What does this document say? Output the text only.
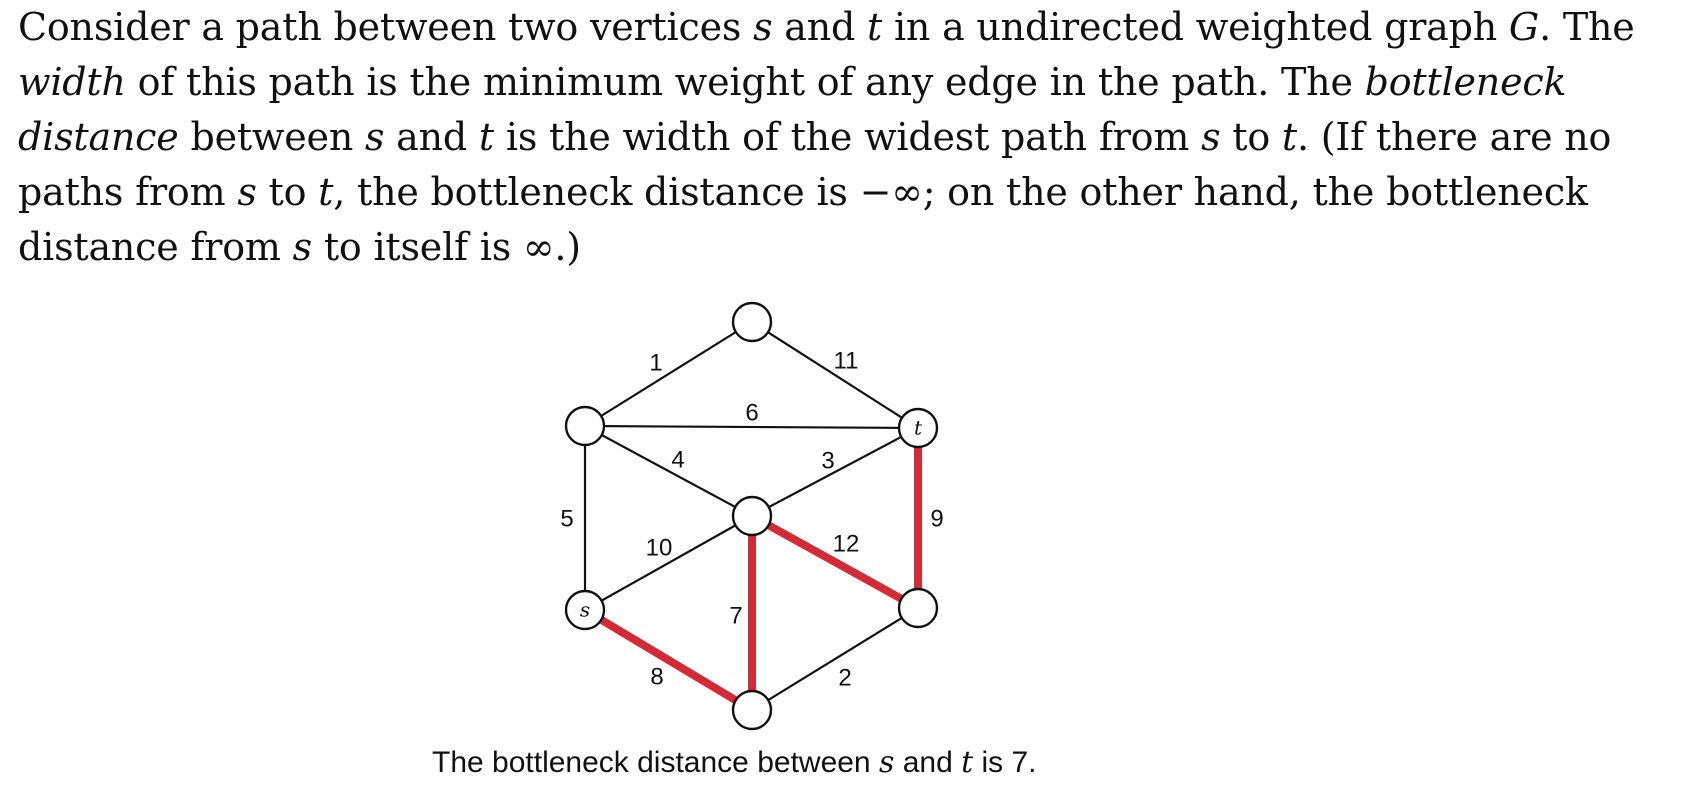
Consider a path between two vertices s and t in a undirected weighted graph G. The width of this path is the minimum weight of any edge in the path. The bottleneck distance between s and t is the width of the widest path from s to t. (If there are no paths from s to t, the bottleneck distance is −∞; on the other hand, the bottleneck distance from s to itself is ∞.)
1	11
6
4	3
5
10	12
9
7
8	2
t
s
The bottleneck distance between s and t is 7.
